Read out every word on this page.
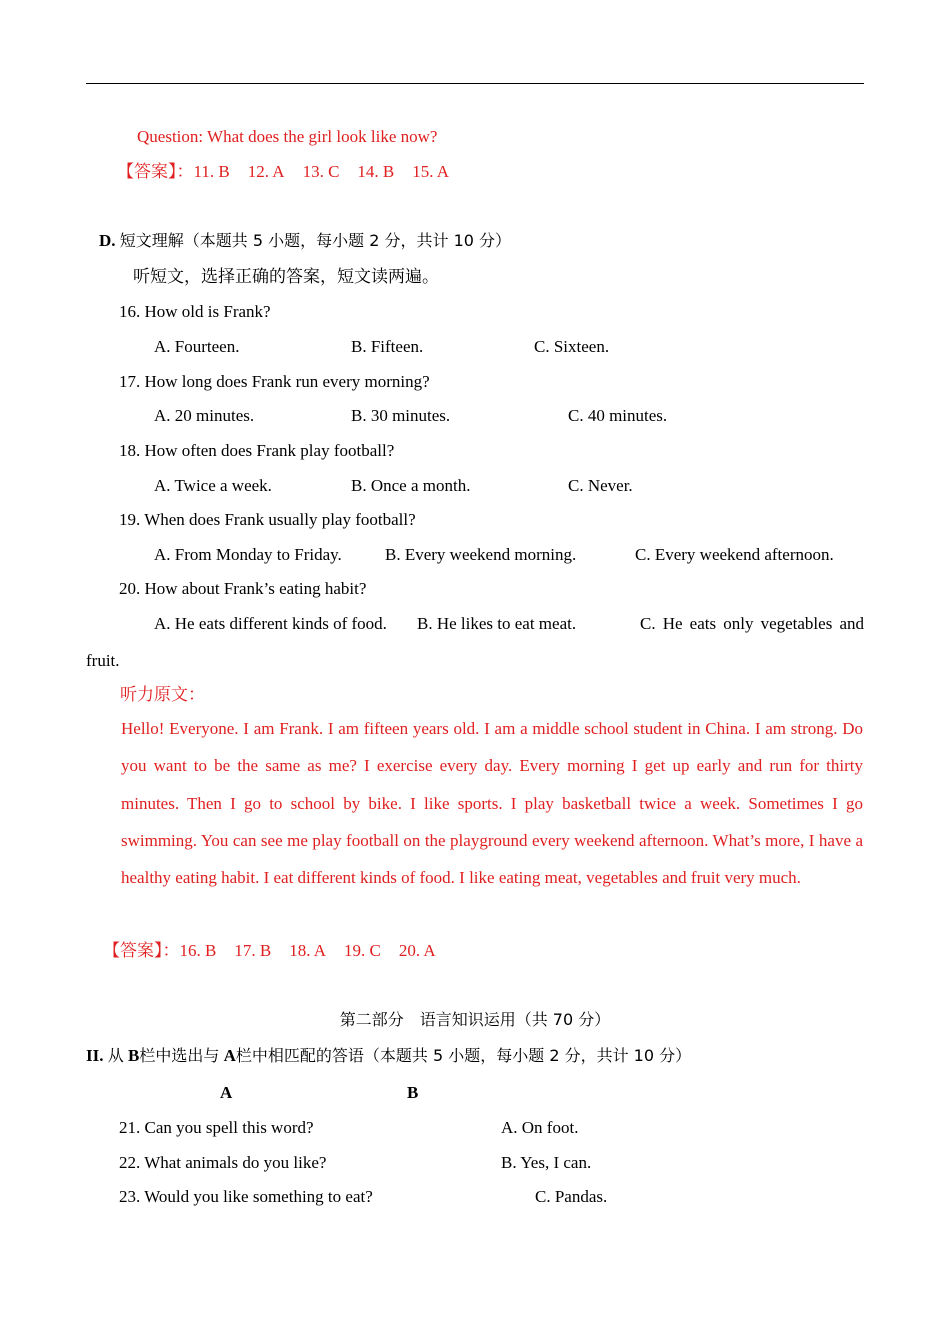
Question: What does the girl look like now?
【答案】：11. B 12. A 13. C 14. B 15. A
D. 短文理解（本题共 5 小题，每小题 2 分，共计 10 分）
听短文，选择正确的答案，短文读两遍。
16. How old is Frank?
A. Fourteen.	B. Fifteen.	C. Sixteen.
17. How long does Frank run every morning?
A. 20 minutes.	B. 30 minutes.	C. 40 minutes.
18. How often does Frank play football?
A. Twice a week.	B. Once a month.	C. Never.
19. When does Frank usually play football?
A. From Monday to Friday.	B. Every weekend morning.	C. Every weekend afternoon.
20. How about Frank’s eating habit?
A. He eats different kinds of food. B. He likes to eat meat.	C. He eats only vegetables and
fruit.
听力原文：
Hello! Everyone. I am Frank. I am fifteen years old. I am a middle school student in China. I am strong. Do you want to be the same as me? I exercise every day. Every morning I get up early and run for thirty minutes. Then I go to school by bike. I like sports. I play basketball twice a week. Sometimes I go swimming. You can see me play football on the playground every weekend afternoon. What’s more, I have a healthy eating habit. I eat different kinds of food. I like eating meat, vegetables and fruit very much.
【答案】：16. B 17. B 18. A 19. C 20. A
第二部分　语言知识运用（共 70 分）
II. 从 B栏中选出与 A栏中相匹配的答语（本题共 5 小题，每小题 2 分，共计 10 分）
A	B
21. Can you spell this word?	A. On foot.
22. What animals do you like?	B. Yes, I can.
23. Would you like something to eat?	C. Pandas.
